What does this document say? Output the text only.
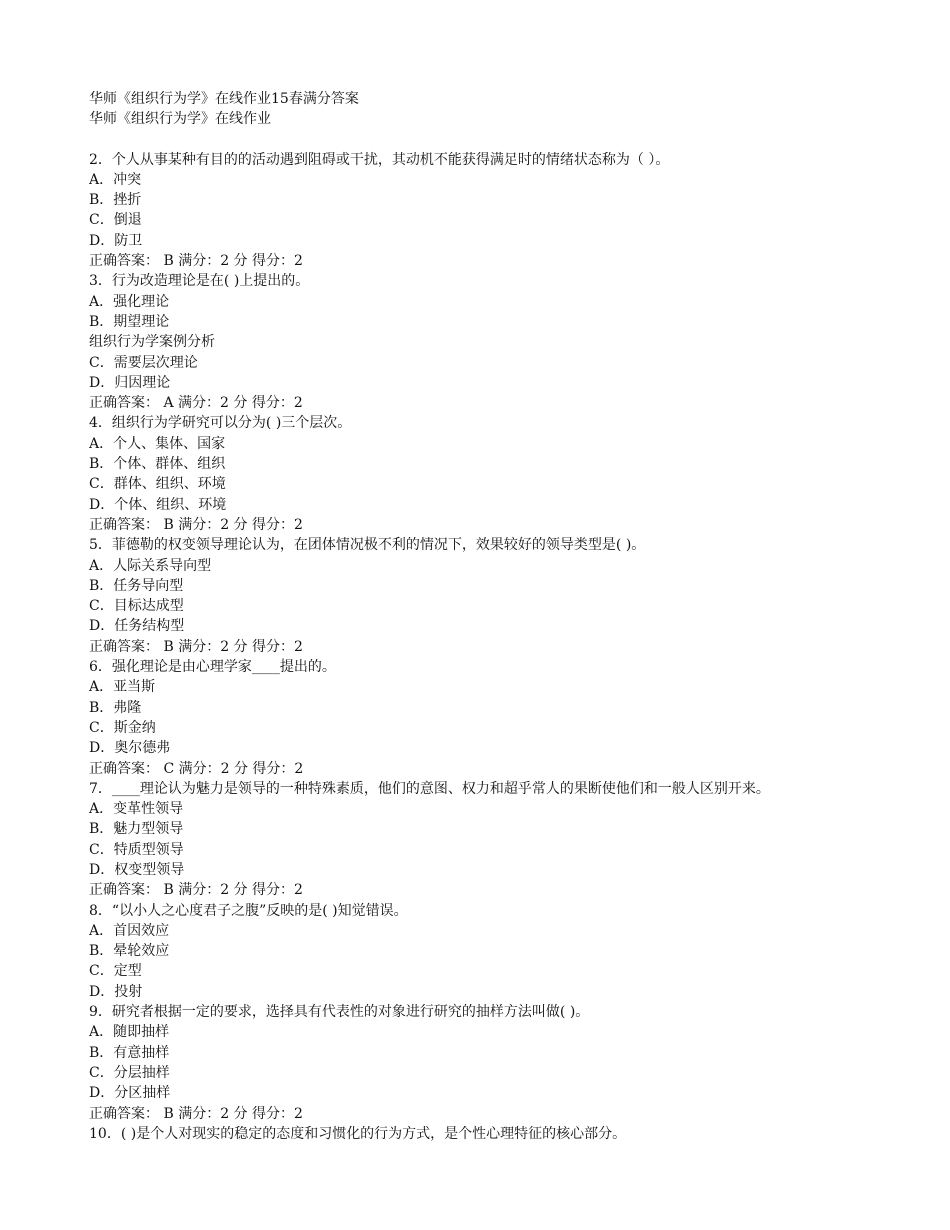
华师《组织行为学》在线作业15春满分答案
华师《组织行为学》在线作业
2．个人从事某种有目的的活动遇到阻碍或干扰，其动机不能获得满足时的情绪状态称为（ ）。
A．冲突
B．挫折
C．倒退
D．防卫
正确答案： B 满分：2 分 得分：2
3．行为改造理论是在( )上提出的。
A．强化理论
B．期望理论
组织行为学案例分析
C．需要层次理论
D．归因理论
正确答案： A 满分：2 分 得分：2
4．组织行为学研究可以分为( )三个层次。
A．个人、集体、国家
B．个体、群体、组织
C．群体、组织、环境
D．个体、组织、环境
正确答案： B 满分：2 分 得分：2
5．菲德勒的权变领导理论认为，在团体情况极不利的情况下，效果较好的领导类型是( )。
A．人际关系导向型
B．任务导向型
C．目标达成型
D．任务结构型
正确答案： B 满分：2 分 得分：2
6．强化理论是由心理学家____提出的。
A．亚当斯
B．弗隆
C．斯金纳
D．奥尔德弗
正确答案： C 满分：2 分 得分：2
7．____理论认为魅力是领导的一种特殊素质，他们的意图、权力和超乎常人的果断使他们和一般人区别开来。
A．变革性领导
B．魅力型领导
C．特质型领导
D．权变型领导
正确答案： B 满分：2 分 得分：2
8．“以小人之心度君子之腹”反映的是( )知觉错误。
A．首因效应
B．晕轮效应
C．定型
D．投射
9．研究者根据一定的要求，选择具有代表性的对象进行研究的抽样方法叫做( )。
A．随即抽样
B．有意抽样
C．分层抽样
D．分区抽样
正确答案： B 满分：2 分 得分：2
10．( )是个人对现实的稳定的态度和习惯化的行为方式，是个性心理特征的核心部分。
